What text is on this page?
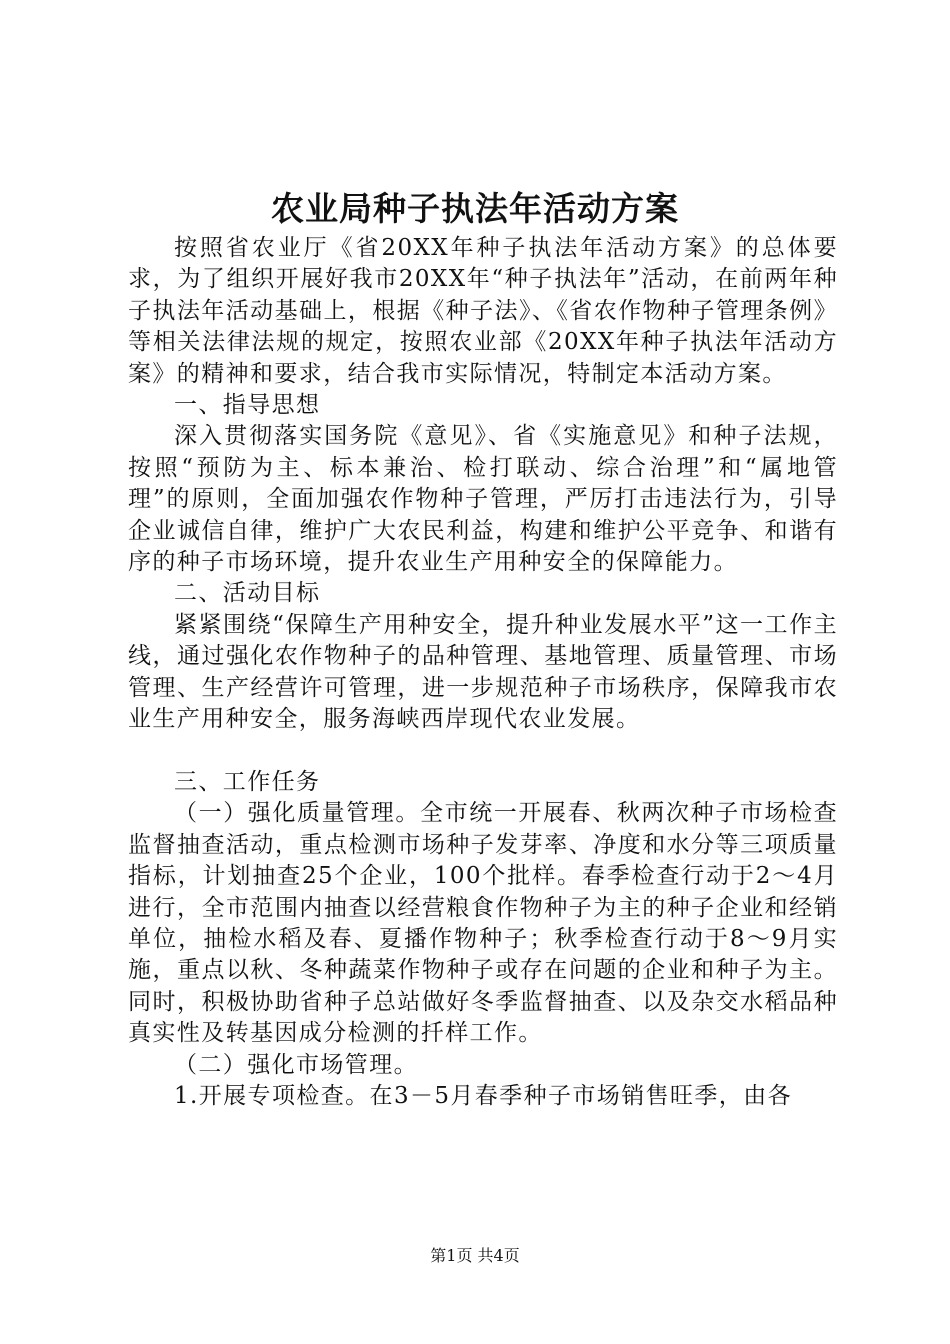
农业局种子执法年活动方案

按照省农业厅《省20XX年种子执法年活动方案》的总体要求，为了组织开展好我市20XX年“种子执法年”活动，在前两年种子执法年活动基础上，根据《种子法》、《省农作物种子管理条例》等相关法律法规的规定，按照农业部《20XX年种子执法年活动方案》的精神和要求，结合我市实际情况，特制定本活动方案。

一、指导思想

深入贯彻落实国务院《意见》、省《实施意见》和种子法规，按照“预防为主、标本兼治、检打联动、综合治理”和“属地管理”的原则，全面加强农作物种子管理，严厉打击违法行为，引导企业诚信自律，维护广大农民利益，构建和维护公平竞争、和谐有序的种子市场环境，提升农业生产用种安全的保障能力。

二、活动目标

紧紧围绕“保障生产用种安全，提升种业发展水平”这一工作主线，通过强化农作物种子的品种管理、基地管理、质量管理、市场管理、生产经营许可管理，进一步规范种子市场秩序，保障我市农业生产用种安全，服务海峡西岸现代农业发展。

三、工作任务

（一）强化质量管理。全市统一开展春、秋两次种子市场检查监督抽查活动，重点检测市场种子发芽率、净度和水分等三项质量指标，计划抽查25个企业，100个批样。春季检查行动于2～4月进行，全市范围内抽查以经营粮食作物种子为主的种子企业和经销单位，抽检水稻及春、夏播作物种子；秋季检查行动于8～9月实施，重点以秋、冬种蔬菜作物种子或存在问题的企业和种子为主。同时，积极协助省种子总站做好冬季监督抽查、以及杂交水稻品种真实性及转基因成分检测的扦样工作。

（二）强化市场管理。

1.开展专项检查。在3－5月春季种子市场销售旺季，由各

第1页 共4页
